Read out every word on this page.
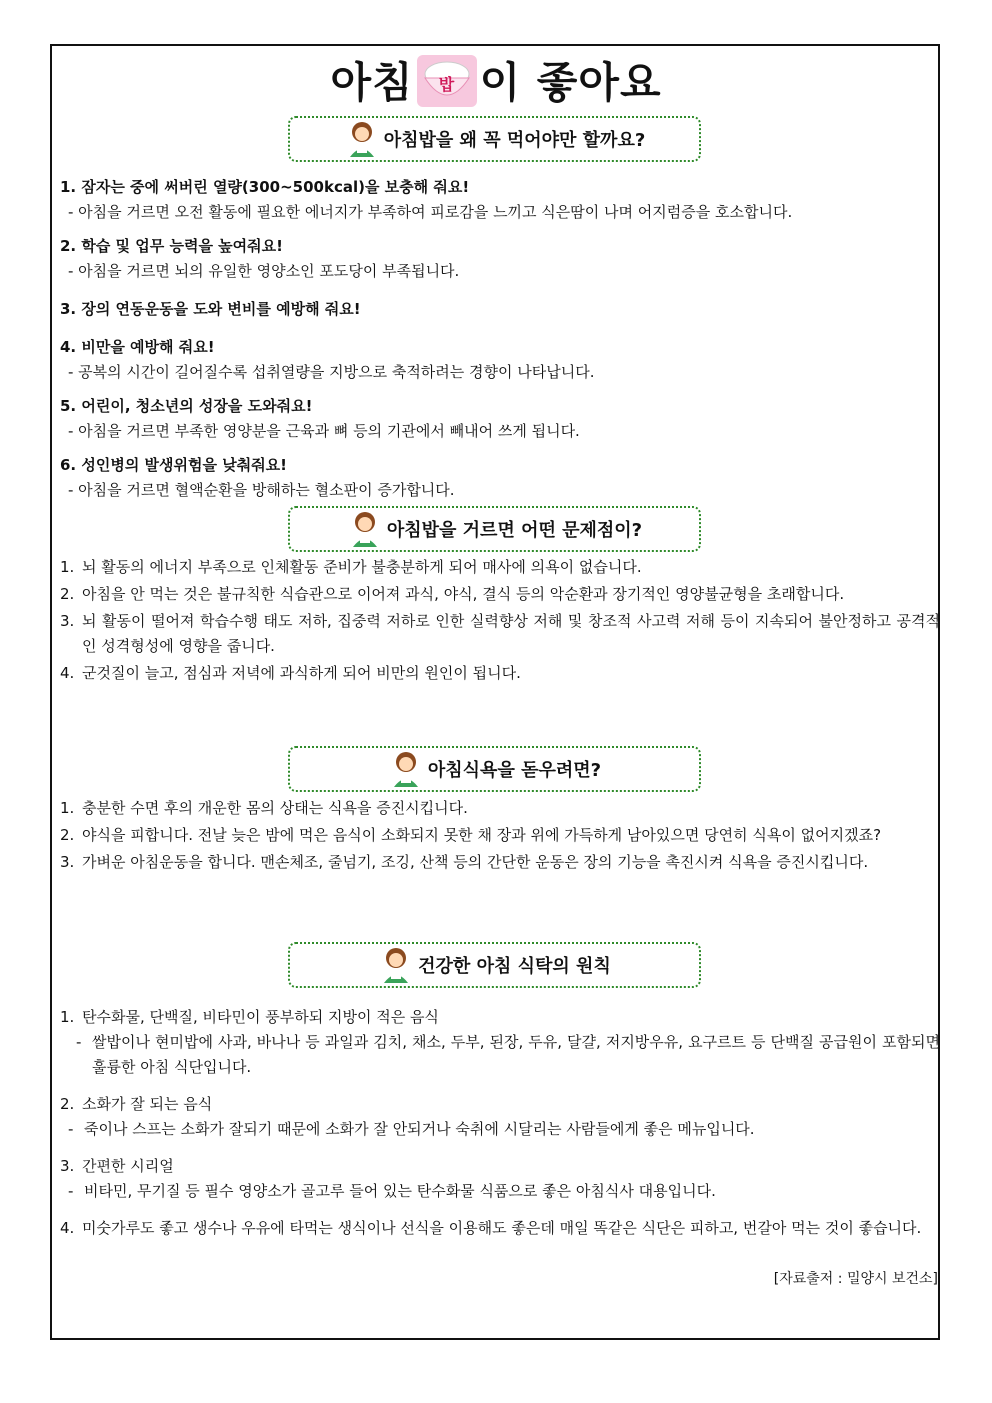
아침 밥 이 좋아요
아침밥을 왜 꼭 먹어야만 할까요?
1. 잠자는 중에 써버린 열량(300~500kcal)을 보충해 줘요!
- 아침을 거르면 오전 활동에 필요한 에너지가 부족하여 피로감을 느끼고 식은땀이 나며 어지럼증을 호소합니다.
2. 학습 및 업무 능력을 높여줘요!
- 아침을 거르면 뇌의 유일한 영양소인 포도당이 부족됩니다.
3. 장의 연동운동을 도와 변비를 예방해 줘요!
4. 비만을 예방해 줘요!
- 공복의 시간이 길어질수록 섭취열량을 지방으로 축적하려는 경향이 나타납니다.
5. 어린이, 청소년의 성장을 도와줘요!
- 아침을 거르면 부족한 영양분을 근육과 뼈 등의 기관에서 빼내어 쓰게 됩니다.
6. 성인병의 발생위험을 낮춰줘요!
- 아침을 거르면 혈액순환을 방해하는 혈소판이 증가합니다.
아침밥을 거르면 어떤 문제점이?
1. 뇌 활동의 에너지 부족으로 인체활동 준비가 불충분하게 되어 매사에 의욕이 없습니다.
2. 아침을 안 먹는 것은 불규칙한 식습관으로 이어져 과식, 야식, 결식 등의 악순환과 장기적인 영양불균형을 초래합니다.
3. 뇌 활동이 떨어져 학습수행 태도 저하, 집중력 저하로 인한 실력향상 저해 및 창조적 사고력 저해 등이 지속되어 불안정하고 공격적인 성격형성에 영향을 줍니다.
4. 군것질이 늘고, 점심과 저녁에 과식하게 되어 비만의 원인이 됩니다.
아침식욕을 돋우려면?
1. 충분한 수면 후의 개운한 몸의 상태는 식욕을 증진시킵니다.
2. 야식을 피합니다. 전날 늦은 밤에 먹은 음식이 소화되지 못한 채 장과 위에 가득하게 남아있으면 당연히 식욕이 없어지겠죠?
3. 가벼운 아침운동을 합니다. 맨손체조, 줄넘기, 조깅, 산책 등의 간단한 운동은 장의 기능을 촉진시켜 식욕을 증진시킵니다.
건강한 아침 식탁의 원칙
1. 탄수화물, 단백질, 비타민이 풍부하되 지방이 적은 음식
- 쌀밥이나 현미밥에 사과, 바나나 등 과일과 김치, 채소, 두부, 된장, 두유, 달걀, 저지방우유, 요구르트 등 단백질 공급원이 포함되면 훌륭한 아침 식단입니다.
2. 소화가 잘 되는 음식
- 죽이나 스프는 소화가 잘되기 때문에 소화가 잘 안되거나 숙취에 시달리는 사람들에게 좋은 메뉴입니다.
3. 간편한 시리얼
- 비타민, 무기질 등 필수 영양소가 골고루 들어 있는 탄수화물 식품으로 좋은 아침식사 대용입니다.
4. 미숫가루도 좋고 생수나 우유에 타먹는 생식이나 선식을 이용해도 좋은데 매일 똑같은 식단은 피하고, 번갈아 먹는 것이 좋습니다.
[자료출저 : 밀양시 보건소]
